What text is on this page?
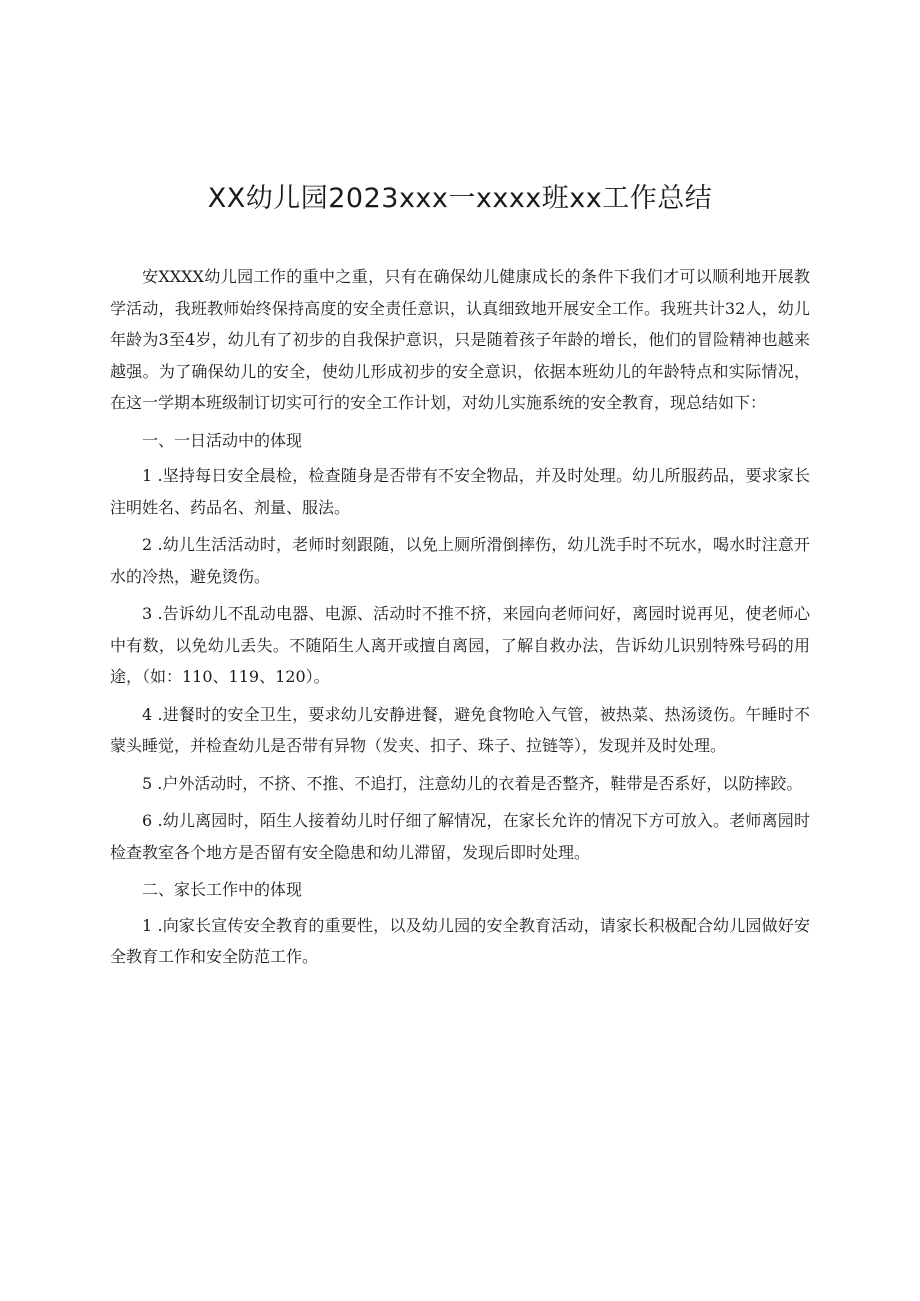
XX幼儿园2023xxx一xxxx班xx工作总结

安XXXX幼儿园工作的重中之重，只有在确保幼儿健康成长的条件下我们才可以顺利地开展教学活动，我班教师始终保持高度的安全责任意识，认真细致地开展安全工作。我班共计32人，幼儿年龄为3至4岁，幼儿有了初步的自我保护意识，只是随着孩子年龄的增长，他们的冒险精神也越来越强。为了确保幼儿的安全，使幼儿形成初步的安全意识，依据本班幼儿的年龄特点和实际情况，在这一学期本班级制订切实可行的安全工作计划，对幼儿实施系统的安全教育，现总结如下：

一、一日活动中的体现

1 .坚持每日安全晨检，检查随身是否带有不安全物品，并及时处理。幼儿所服药品，要求家长注明姓名、药品名、剂量、服法。

2 .幼儿生活活动时，老师时刻跟随，以免上厕所滑倒摔伤，幼儿洗手时不玩水，喝水时注意开水的冷热，避免烫伤。

3 .告诉幼儿不乱动电器、电源、活动时不推不挤，来园向老师问好，离园时说再见，使老师心中有数，以免幼儿丢失。不随陌生人离开或擅自离园，了解自救办法，告诉幼儿识别特殊号码的用途，（如：110、119、120）。

4 .进餐时的安全卫生，要求幼儿安静进餐，避免食物呛入气管，被热菜、热汤烫伤。午睡时不蒙头睡觉，并检查幼儿是否带有异物（发夹、扣子、珠子、拉链等），发现并及时处理。

5 .户外活动时，不挤、不推、不追打，注意幼儿的衣着是否整齐，鞋带是否系好，以防摔跤。

6 .幼儿离园时，陌生人接着幼儿时仔细了解情况，在家长允许的情况下方可放入。老师离园时检查教室各个地方是否留有安全隐患和幼儿滞留，发现后即时处理。

二、家长工作中的体现

1 .向家长宣传安全教育的重要性，以及幼儿园的安全教育活动，请家长积极配合幼儿园做好安全教育工作和安全防范工作。
